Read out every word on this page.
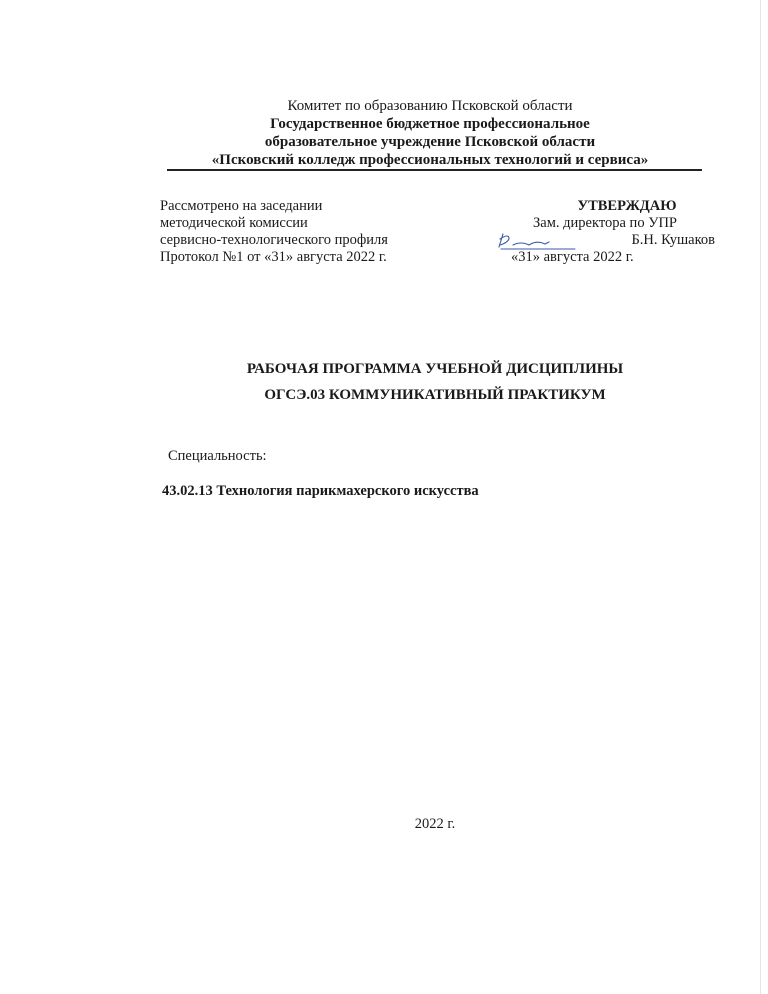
Комитет по образованию Псковской области
Государственное бюджетное профессиональное
образовательное учреждение Псковской области
«Псковский колледж профессиональных технологий и сервиса»
Рассмотрено на заседании
методической комиссии
сервисно-технологического профиля
Протокол №1 от «31» августа 2022 г.
УТВЕРЖДАЮ
Зам. директора по УПР
Б.Н. Кушаков
«31» августа 2022 г.
РАБОЧАЯ ПРОГРАММА УЧЕБНОЙ ДИСЦИПЛИНЫ
ОГСЭ.03 КОММУНИКАТИВНЫЙ ПРАКТИКУМ
Специальность:
43.02.13 Технология парикмахерского искусства
2022 г.
